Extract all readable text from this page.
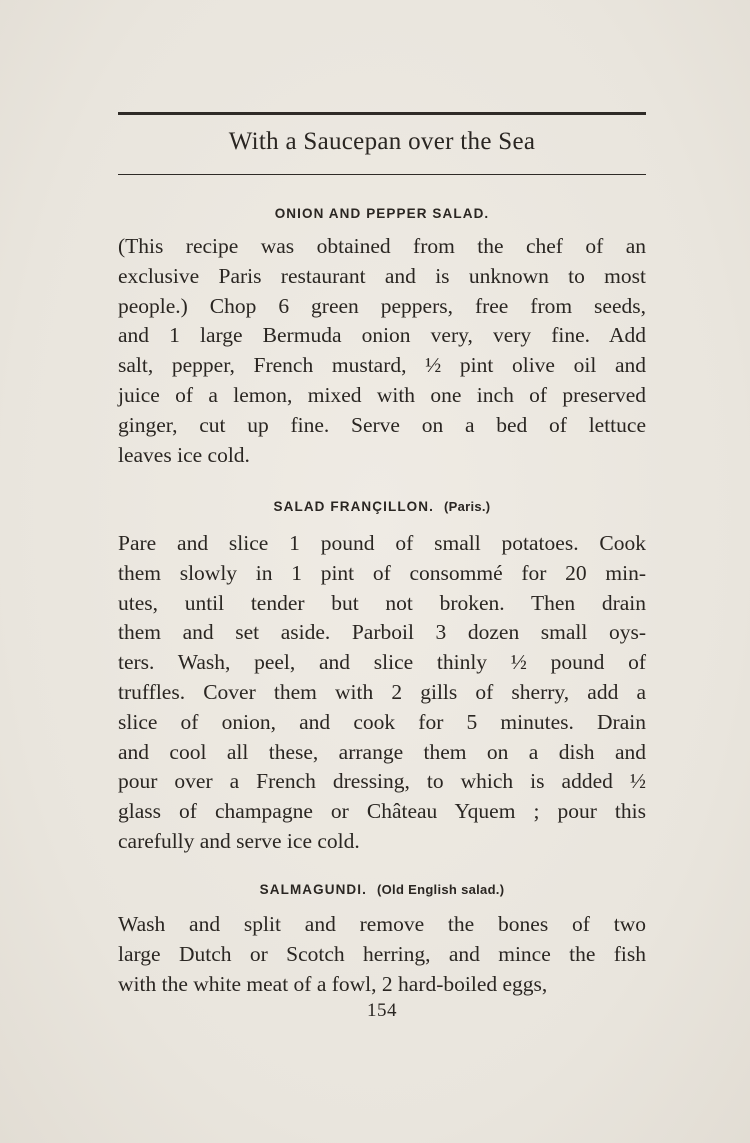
With a Saucepan over the Sea
ONION AND PEPPER SALAD.
(This recipe was obtained from the chef of an
exclusive Paris restaurant and is unknown to most
people.) Chop 6 green peppers, free from seeds,
and 1 large Bermuda onion very, very fine. Add
salt, pepper, French mustard, ½ pint olive oil and
juice of a lemon, mixed with one inch of preserved
ginger, cut up fine. Serve on a bed of lettuce
leaves ice cold.
SALAD FRANÇILLON. (Paris.)
Pare and slice 1 pound of small potatoes. Cook
them slowly in 1 pint of consommé for 20 min-
utes, until tender but not broken. Then drain
them and set aside. Parboil 3 dozen small oys-
ters. Wash, peel, and slice thinly ½ pound of
truffles. Cover them with 2 gills of sherry, add a
slice of onion, and cook for 5 minutes. Drain
and cool all these, arrange them on a dish and
pour over a French dressing, to which is added ½
glass of champagne or Château Yquem ; pour this
carefully and serve ice cold.
SALMAGUNDI. (Old English salad.)
Wash and split and remove the bones of two
large Dutch or Scotch herring, and mince the fish
with the white meat of a fowl, 2 hard-boiled eggs,
154
